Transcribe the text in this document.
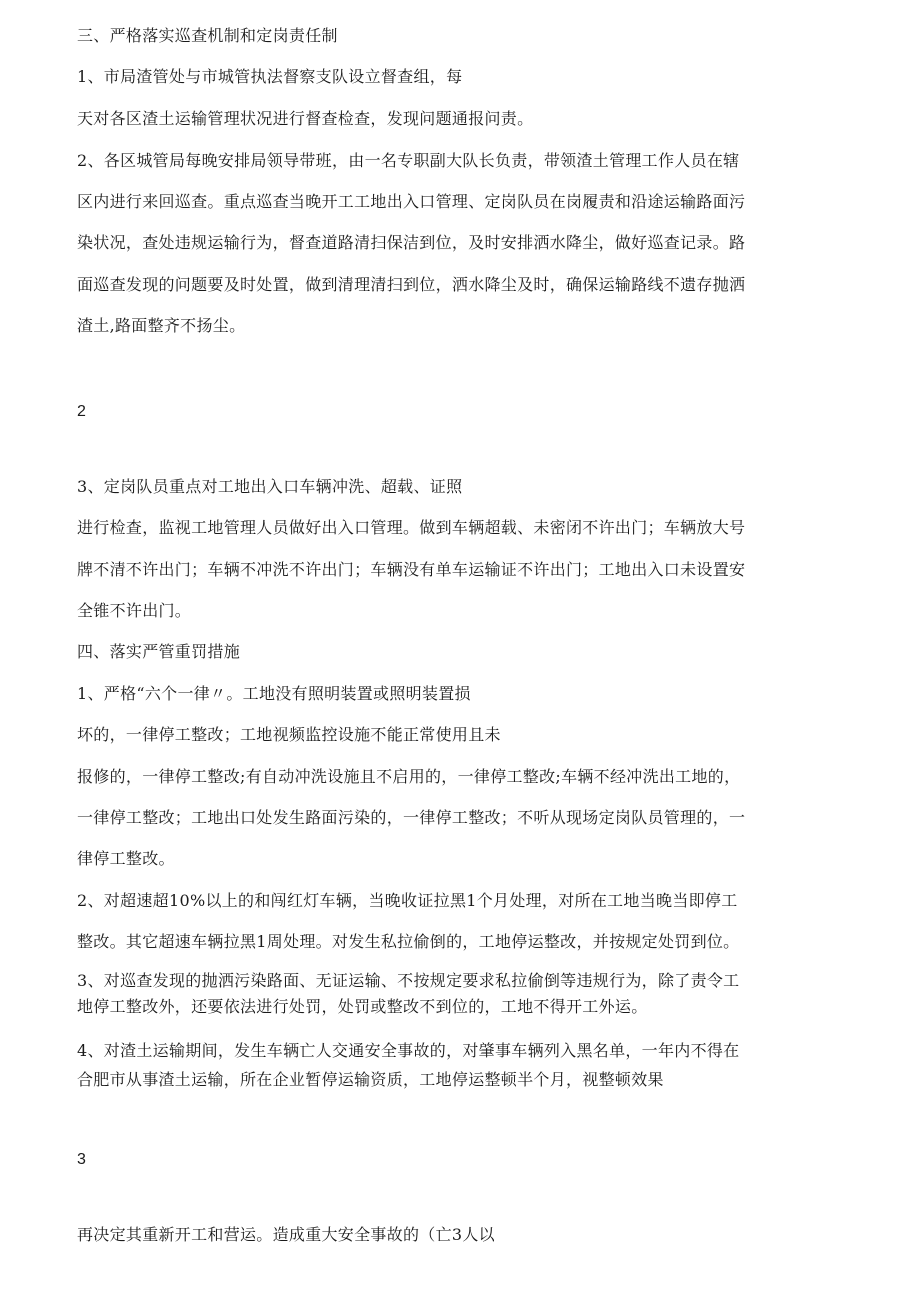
三、严格落实巡查机制和定岗责任制
1、市局渣管处与市城管执法督察支队设立督查组，每
天对各区渣土运输管理状况进行督查检查，发现问题通报问责。
2、各区城管局每晚安排局领导带班，由一名专职副大队长负责，带领渣土管理工作人员在辖
区内进行来回巡查。重点巡查当晚开工工地出入口管理、定岗队员在岗履责和沿途运输路面污
染状况，查处违规运输行为，督查道路清扫保洁到位，及时安排洒水降尘，做好巡查记录。路
面巡查发现的问题要及时处置，做到清理清扫到位，洒水降尘及时，确保运输路线不遗存抛洒
渣土,路面整齐不扬尘。
2
3、定岗队员重点对工地出入口车辆冲洗、超载、证照
进行检查，监视工地管理人员做好出入口管理。做到车辆超载、未密闭不许出门；车辆放大号
牌不清不许出门；车辆不冲洗不许出门；车辆没有单车运输证不许出门；工地出入口未设置安
全锥不许出门。
四、落实严管重罚措施
1、严格“六个一律〃。工地没有照明装置或照明装置损
坏的，一律停工整改；工地视频监控设施不能正常使用且未
报修的，一律停工整改;有自动冲洗设施且不启用的，一律停工整改;车辆不经冲洗出工地的，
一律停工整改；工地出口处发生路面污染的，一律停工整改；不听从现场定岗队员管理的，一
律停工整改。
2、对超速超10%以上的和闯红灯车辆，当晚收证拉黑1个月处理，对所在工地当晚当即停工
整改。其它超速车辆拉黑1周处理。对发生私拉偷倒的，工地停运整改，并按规定处罚到位。
3、对巡查发现的抛洒污染路面、无证运输、不按规定要求私拉偷倒等违规行为，除了责令工
地停工整改外，还要依法进行处罚，处罚或整改不到位的，工地不得开工外运。
4、对渣土运输期间，发生车辆亡人交通安全事故的，对肇事车辆列入黑名单，一年内不得在
合肥市从事渣土运输，所在企业暂停运输资质，工地停运整顿半个月，视整顿效果
3
再决定其重新开工和营运。造成重大安全事故的（亡3人以
